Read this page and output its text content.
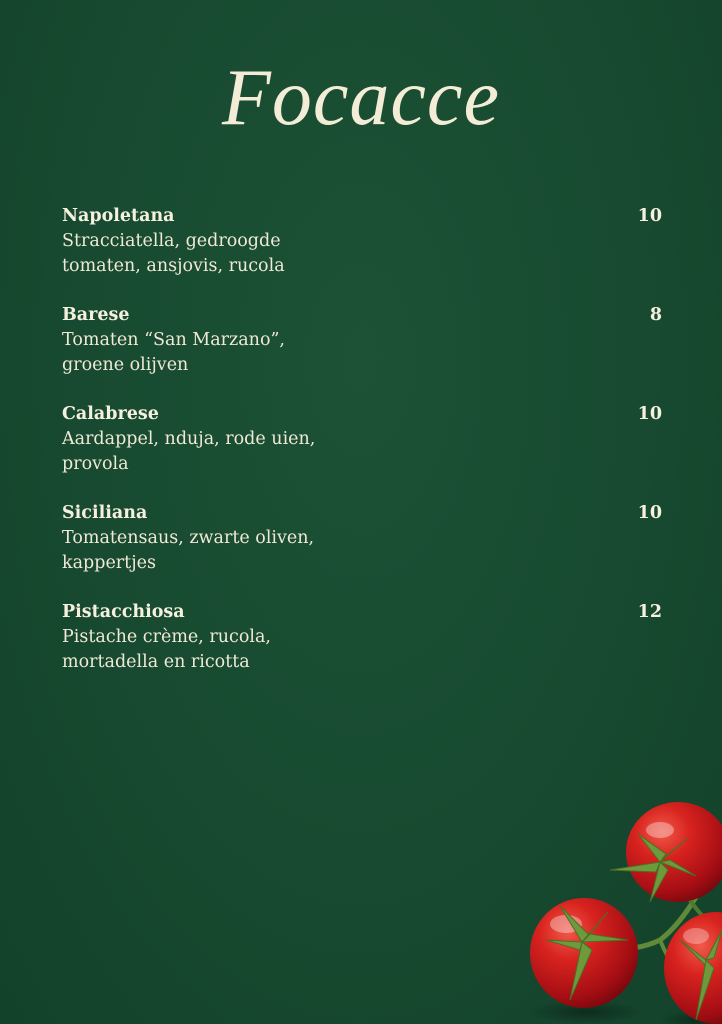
Focacce
Napoletana	10
Stracciatella, gedroogde
tomaten, ansjovis, rucola
Barese	8
Tomaten “San Marzano”,
groene olijven
Calabrese	10
Aardappel, nduja, rode uien,
provola
Siciliana	10
Tomatensaus, zwarte oliven,
kappertjes
Pistacchiosa	12
Pistache crème, rucola,
mortadella en ricotta
